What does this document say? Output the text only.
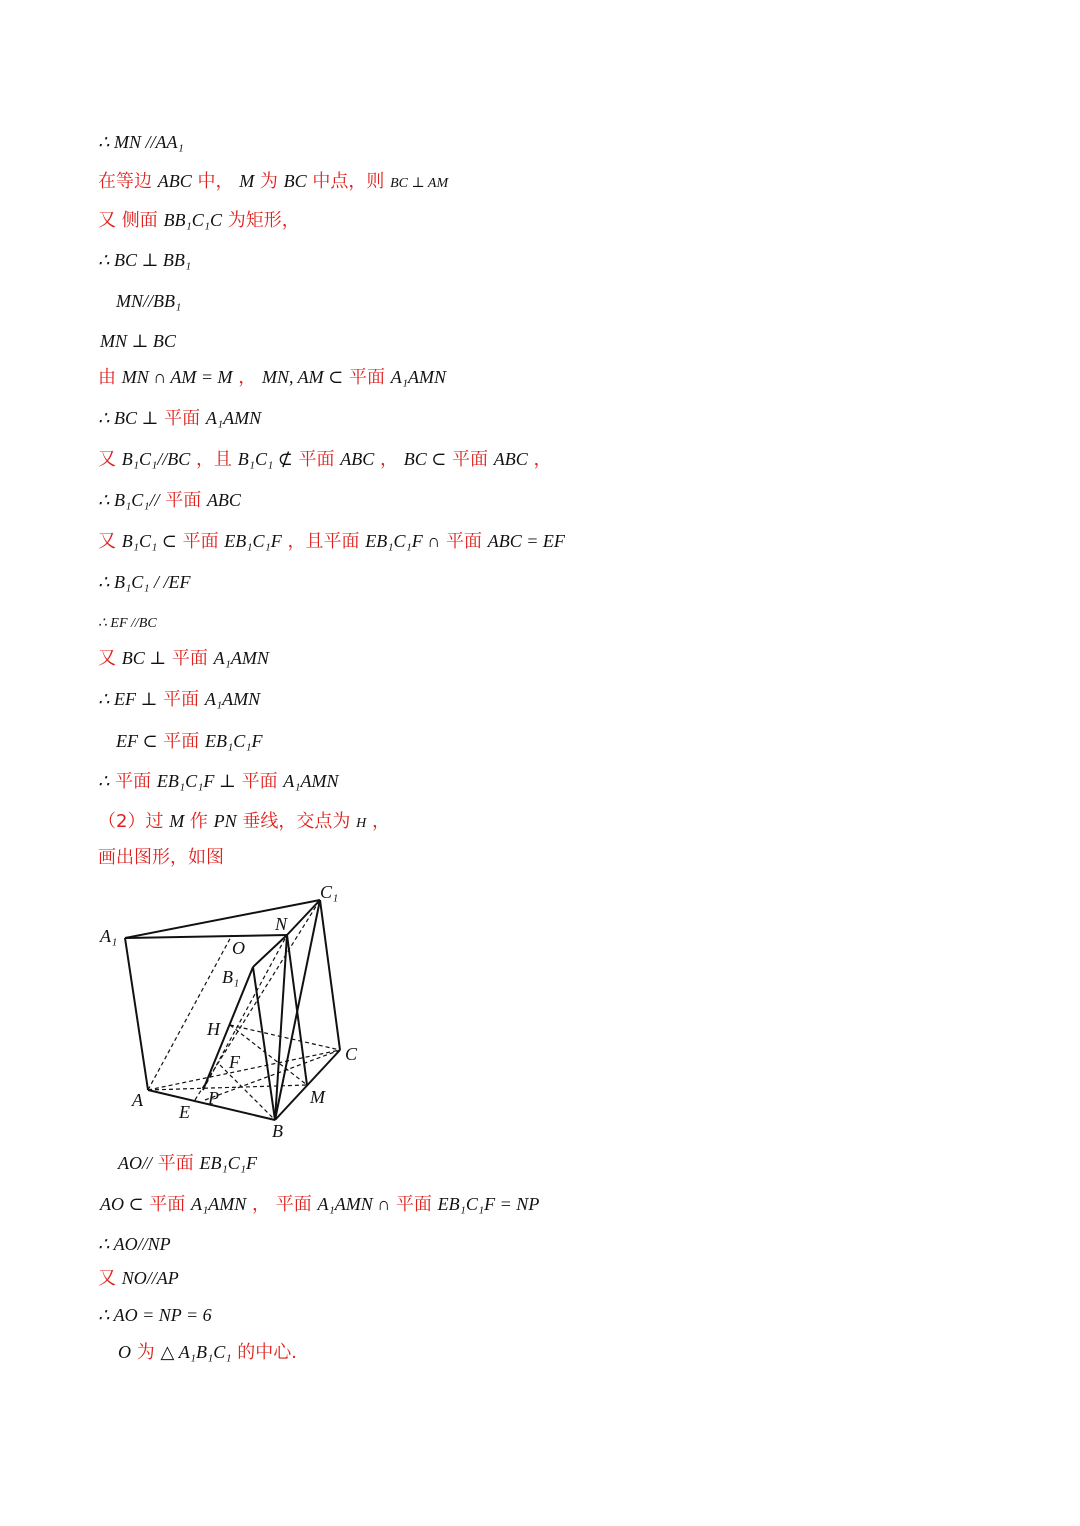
∴ MN //AA₁
在等边 ABC 中， M 为 BC 中点，则 BC ⊥ AM
又 侧面 BB₁C₁C 为矩形，
∴ BC ⊥ BB₁
MN//BB₁
MN ⊥ BC
由 MN ∩ AM = M ， MN, AM ⊂ 平面 A₁AMN
∴ BC ⊥ 平面 A₁AMN
又 B₁C₁//BC ，且 B₁C₁ ⊄ 平面 ABC ， BC ⊂ 平面 ABC ，
∴ B₁C₁// 平面 ABC
又 B₁C₁ ⊂ 平面 EB₁C₁F ，且平面 EB₁C₁F ∩ 平面 ABC = EF
∴ B₁C₁ / /EF
∴ EF //BC
又 BC ⊥ 平面 A₁AMN
∴ EF ⊥ 平面 A₁AMN
EF ⊂ 平面 EB₁C₁F
∴ 平面 EB₁C₁F ⊥ 平面 A₁AMN
（2）过 M 作 PN 垂线，交点为 H ，
画出图形，如图
AO// 平面 EB₁C₁F
AO ⊂ 平面 A₁AMN ， 平面 A₁AMN ∩ 平面 EB₁C₁F = NP
∴ AO//NP
又 NO//AP
∴ AO = NP = 6
O 为 △ A₁B₁C₁ 的中心.
A₁
C₁
N
O
B₁
H
F	C
A
E
P	M
B
